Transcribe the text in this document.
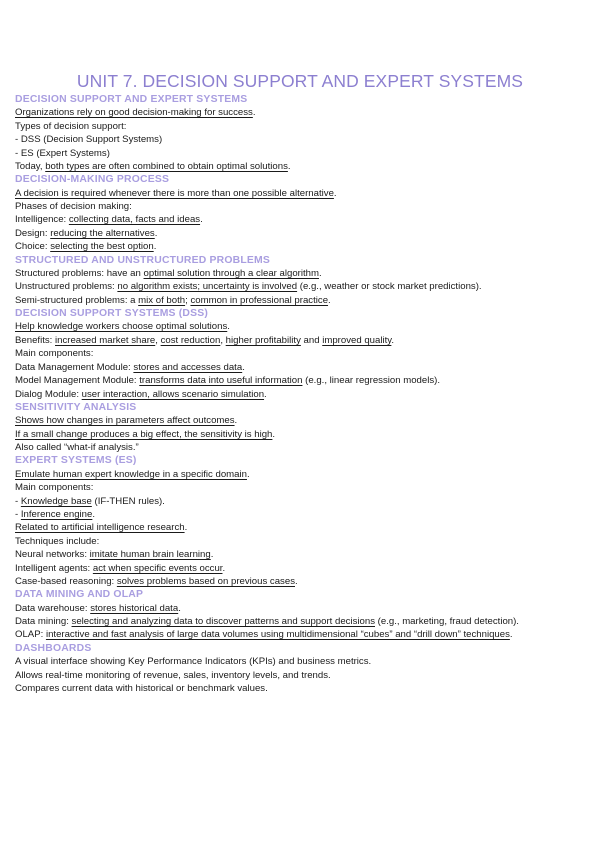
UNIT 7. DECISION SUPPORT AND EXPERT SYSTEMS
DECISION SUPPORT AND EXPERT SYSTEMS
Organizations rely on good decision-making for success.
Types of decision support:
- DSS (Decision Support Systems)
- ES (Expert Systems)
Today, both types are often combined to obtain optimal solutions.
DECISION-MAKING PROCESS
A decision is required whenever there is more than one possible alternative.
Phases of decision making:
Intelligence: collecting data, facts and ideas.
Design: reducing the alternatives.
Choice: selecting the best option.
STRUCTURED AND UNSTRUCTURED PROBLEMS
Structured problems: have an optimal solution through a clear algorithm.
Unstructured problems: no algorithm exists; uncertainty is involved (e.g., weather or stock market predictions).
Semi-structured problems: a mix of both; common in professional practice.
DECISION SUPPORT SYSTEMS (DSS)
Help knowledge workers choose optimal solutions.
Benefits: increased market share, cost reduction, higher profitability and improved quality.
Main components:
Data Management Module: stores and accesses data.
Model Management Module: transforms data into useful information (e.g., linear regression models).
Dialog Module: user interaction, allows scenario simulation.
SENSITIVITY ANALYSIS
Shows how changes in parameters affect outcomes.
If a small change produces a big effect, the sensitivity is high.
Also called “what-if analysis.”
EXPERT SYSTEMS (ES)
Emulate human expert knowledge in a specific domain.
Main components:
- Knowledge base (IF-THEN rules).
- Inference engine.
Related to artificial intelligence research.
Techniques include:
Neural networks: imitate human brain learning.
Intelligent agents: act when specific events occur.
Case-based reasoning: solves problems based on previous cases.
DATA MINING AND OLAP
Data warehouse: stores historical data.
Data mining: selecting and analyzing data to discover patterns and support decisions (e.g., marketing, fraud detection).
OLAP: interactive and fast analysis of large data volumes using multidimensional “cubes” and “drill down” techniques.
DASHBOARDS
A visual interface showing Key Performance Indicators (KPIs) and business metrics.
Allows real-time monitoring of revenue, sales, inventory levels, and trends.
Compares current data with historical or benchmark values.
